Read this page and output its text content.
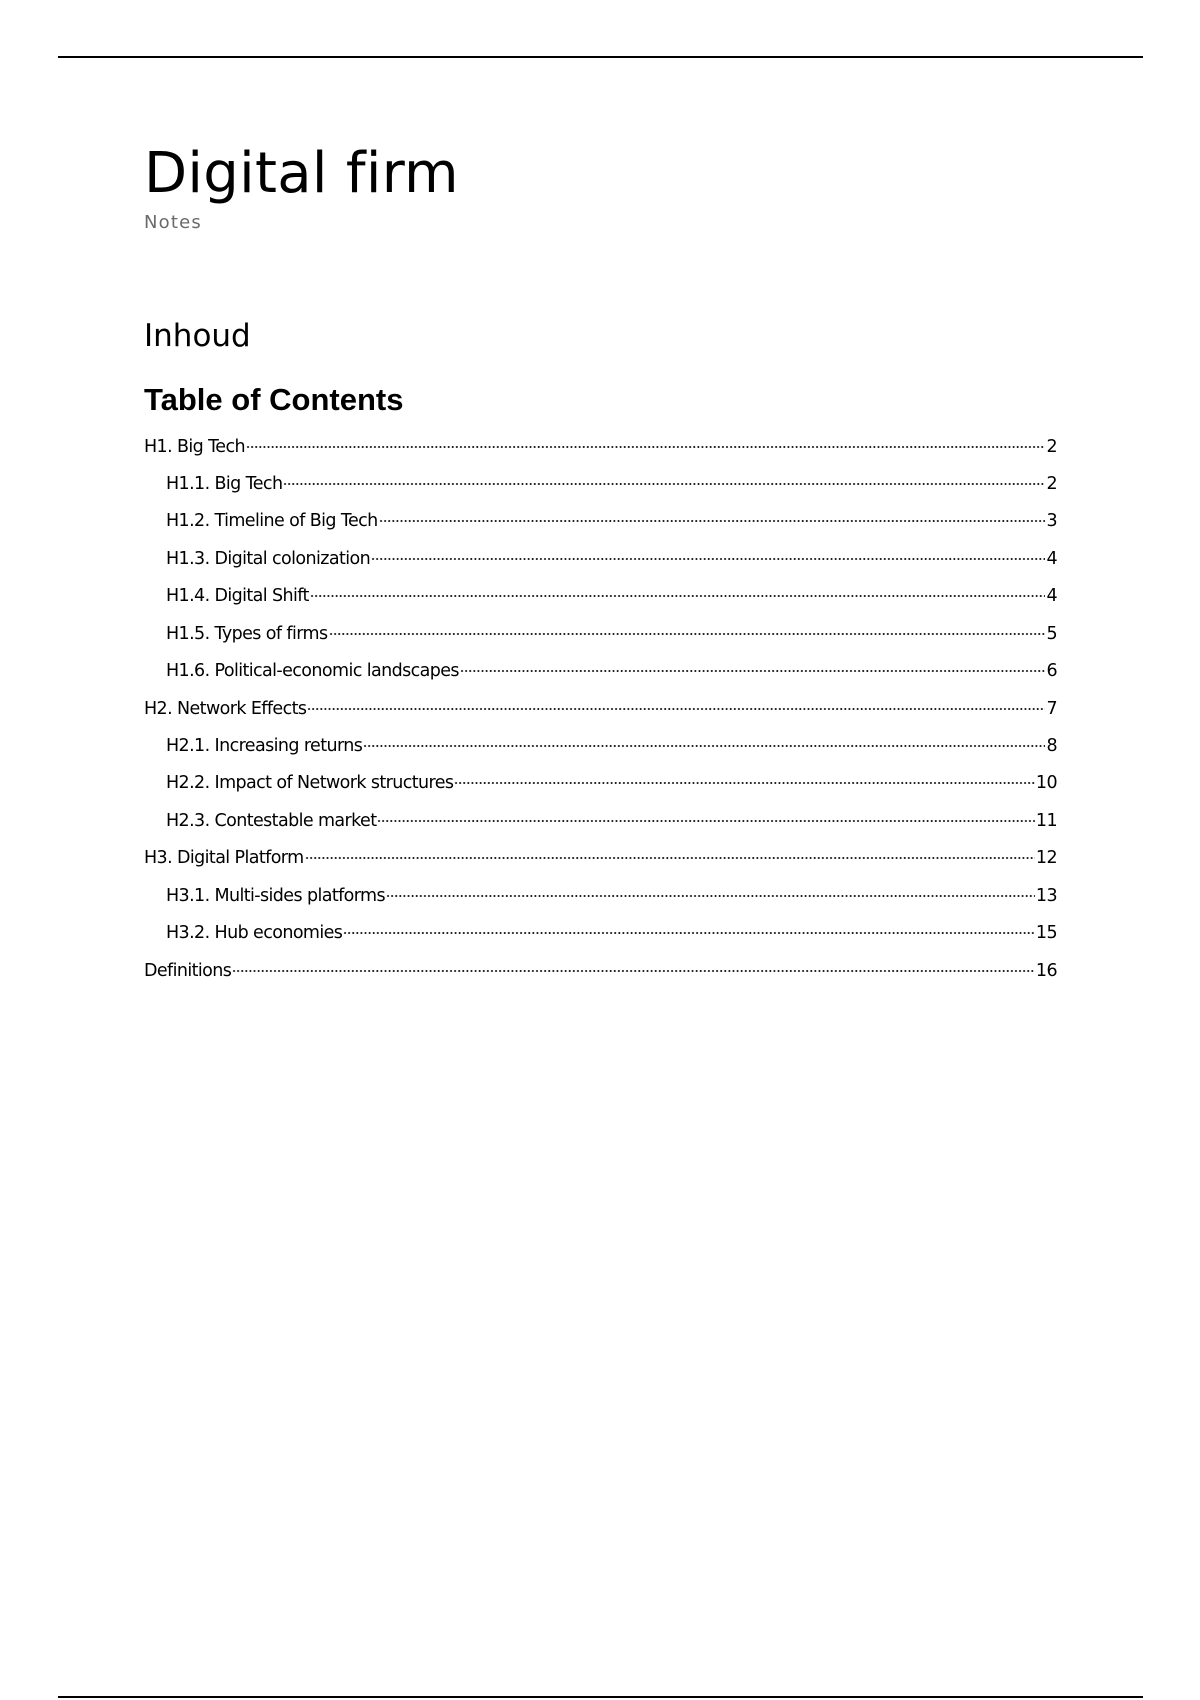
Digital firm
Notes
Inhoud
Table of Contents
H1. Big Tech	2
H1.1. Big Tech	2
H1.2. Timeline of Big Tech	3
H1.3. Digital colonization	4
H1.4. Digital Shift	4
H1.5. Types of firms	5
H1.6. Political-economic landscapes	6
H2. Network Effects	7
H2.1. Increasing returns	8
H2.2. Impact of Network structures	10
H2.3. Contestable market	11
H3. Digital Platform	12
H3.1. Multi-sides platforms	13
H3.2. Hub economies	15
Definitions	16
